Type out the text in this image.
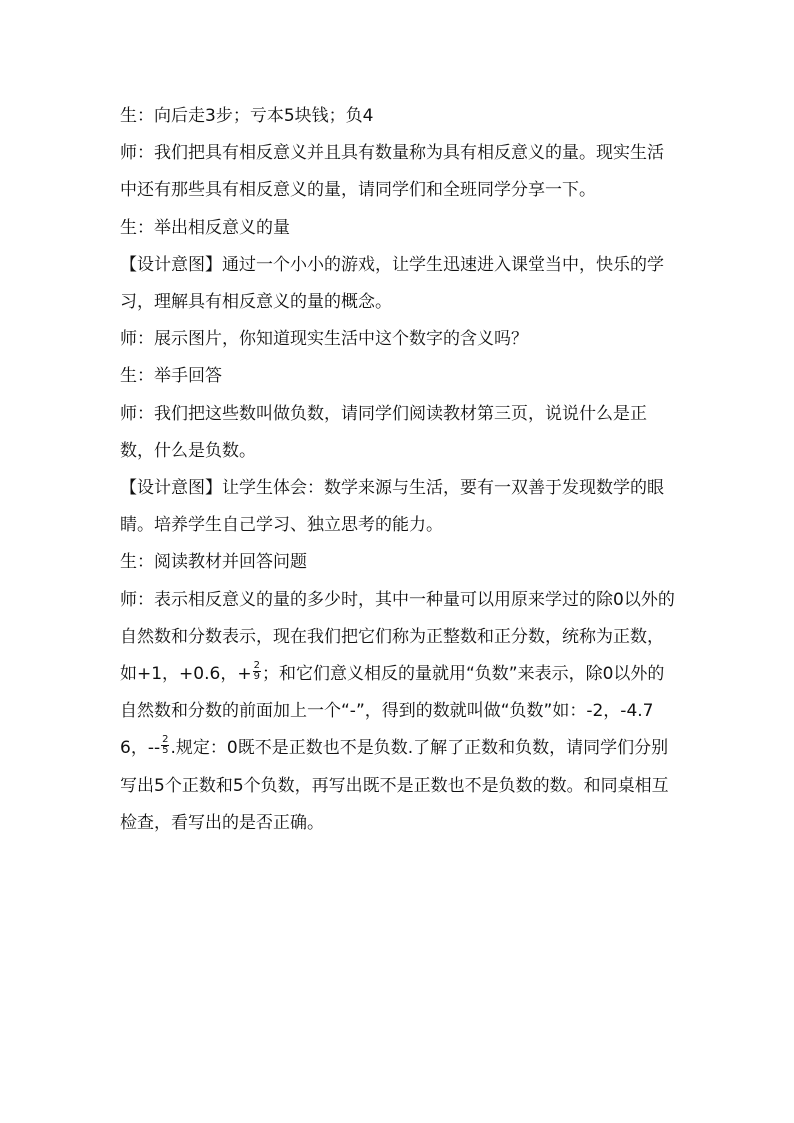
生：向后走3步；亏本5块钱；负4

师：我们把具有相反意义并且具有数量称为具有相反意义的量。现实生活中还有那些具有相反意义的量，请同学们和全班同学分享一下。

生：举出相反意义的量

【设计意图】通过一个小小的游戏，让学生迅速进入课堂当中，快乐的学习，理解具有相反意义的量的概念。

师：展示图片，你知道现实生活中这个数字的含义吗？

生：举手回答

师：我们把这些数叫做负数，请同学们阅读教材第三页，说说什么是正数，什么是负数。

【设计意图】让学生体会：数学来源与生活，要有一双善于发现数学的眼睛。培养学生自己学习、独立思考的能力。

生：阅读教材并回答问题

师：表示相反意义的量的多少时，其中一种量可以用原来学过的除0以外的自然数和分数表示，现在我们把它们称为正整数和正分数，统称为正数，如+1，+0.6，+ $\frac{2}{9}$ ；和它们意义相反的量就用“负数”来表示，除0以外的自然数和分数的前面加上一个“-”，得到的数就叫做“负数”如：-2，-4.76，-- $\frac{2}{5}$ .规定：0既不是正数也不是负数.了解了正数和负数，请同学们分别写出5个正数和5个负数，再写出既不是正数也不是负数的数。和同桌相互检查，看写出的是否正确。
